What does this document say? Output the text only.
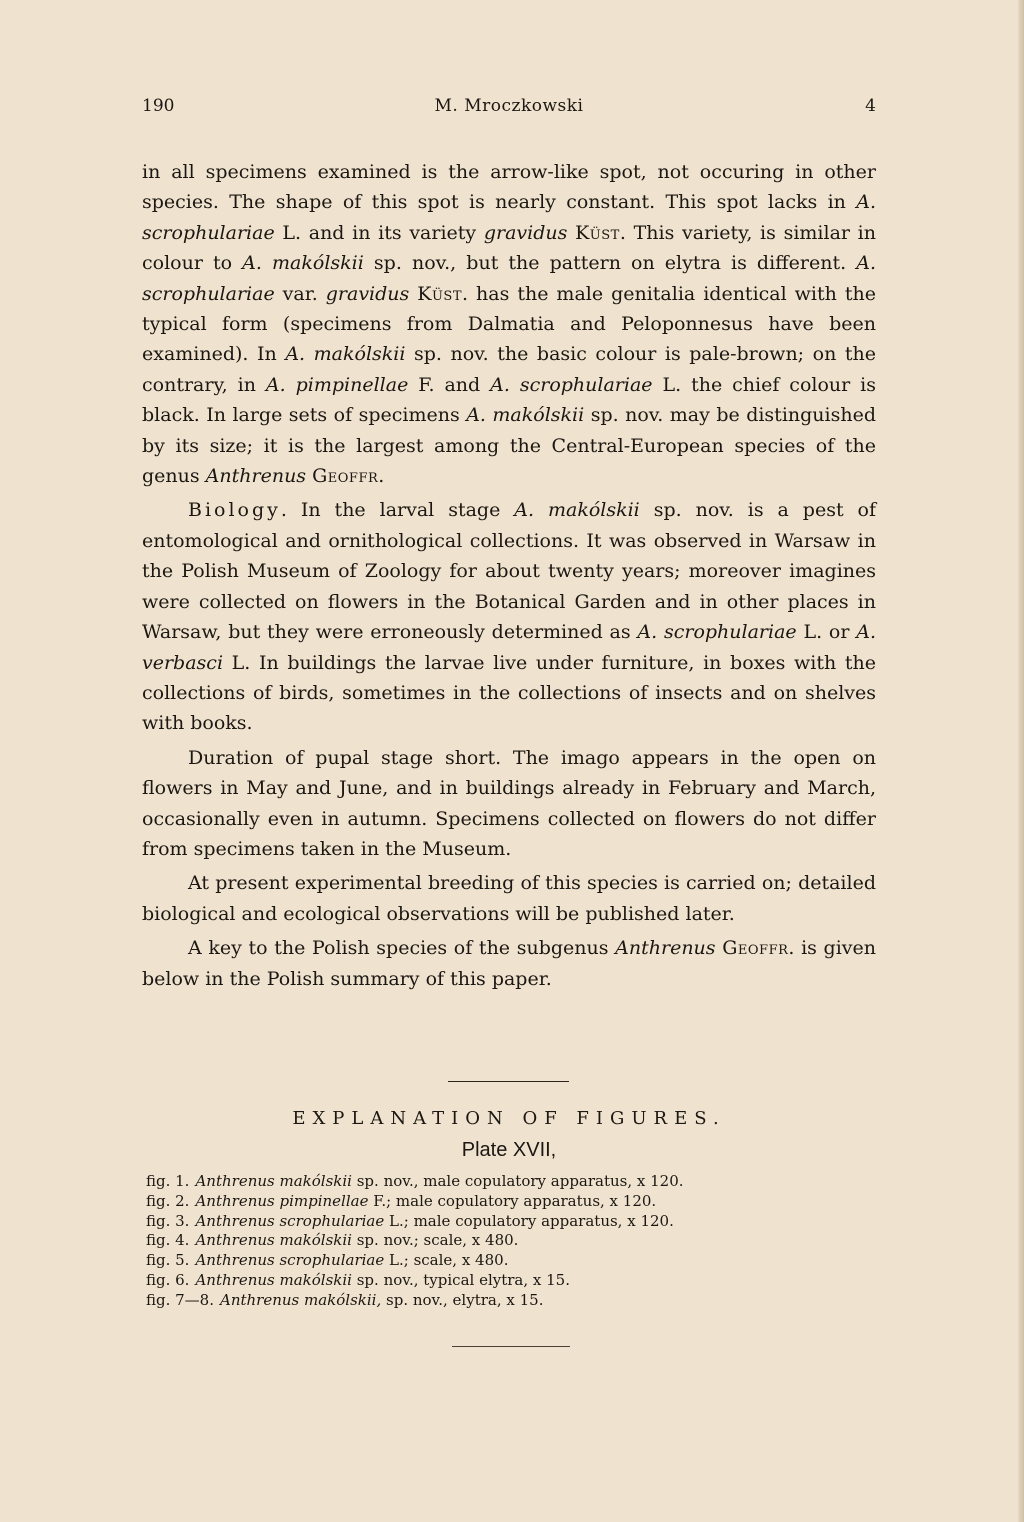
190	M. Mroczkowski	4

in all specimens examined is the arrow-like spot, not occuring in other species. The shape of this spot is nearly constant. This spot lacks in A. scrophulariae L. and in its variety gravidus Küst. This variety, is similar in colour to A. makólskii sp. nov., but the pattern on elytra is different. A. scrophulariae var. gravidus Küst. has the male genitalia identical with the typical form (specimens from Dalmatia and Peloponnesus have been examined). In A. makólskii sp. nov. the basic colour is pale-brown; on the contrary, in A. pimpinellae F. and A. scrophulariae L. the chief colour is black. In large sets of specimens A. makólskii sp. nov. may be distinguished by its size; it is the largest among the Central-European species of the genus Anthrenus Geoffr.

Biology. In the larval stage A. makólskii sp. nov. is a pest of entomological and ornithological collections. It was observed in Warsaw in the Polish Museum of Zoology for about twenty years; moreover imagines were collected on flowers in the Botanical Garden and in other places in Warsaw, but they were erroneously determined as A. scrophulariae L. or A. verbasci L. In buildings the larvae live under furniture, in boxes with the collections of birds, sometimes in the collections of insects and on shelves with books.

Duration of pupal stage short. The imago appears in the open on flowers in May and June, and in buildings already in February and March, occasionally even in autumn. Specimens collected on flowers do not differ from specimens taken in the Museum.

At present experimental breeding of this species is carried on; detailed biological and ecological observations will be published later.

A key to the Polish species of the subgenus Anthrenus Geoffr. is given below in the Polish summary of this paper.

EXPLANATION OF FIGURES.
Plate XVII,
fig. 1. Anthrenus makólskii sp. nov., male copulatory apparatus, x 120.
fig. 2. Anthrenus pimpinellae F.; male copulatory apparatus, x 120.
fig. 3. Anthrenus scrophulariae L.; male copulatory apparatus, x 120.
fig. 4. Anthrenus makólskii sp. nov.; scale, x 480.
fig. 5. Anthrenus scrophulariae L.; scale, x 480.
fig. 6. Anthrenus makólskii sp. nov., typical elytra, x 15.
fig. 7—8. Anthrenus makólskii, sp. nov., elytra, x 15.
